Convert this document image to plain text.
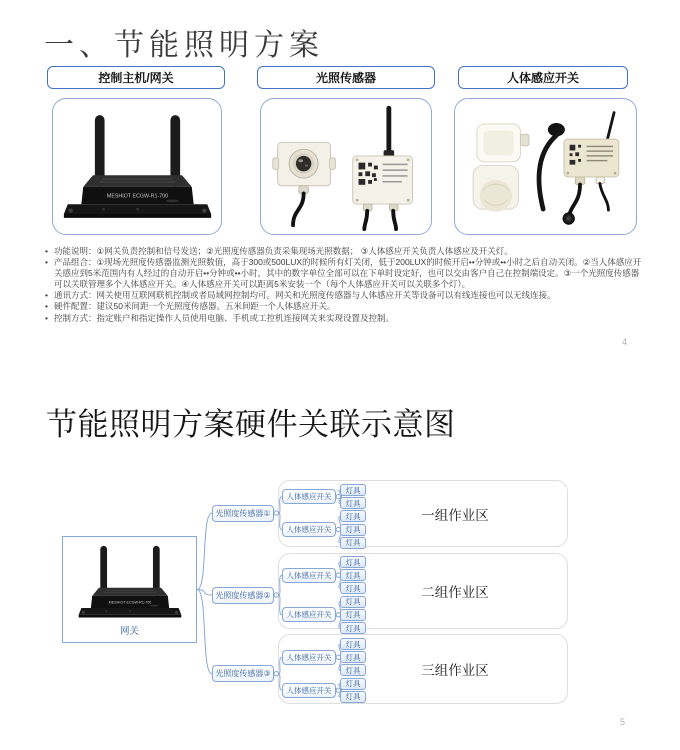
一、节能照明方案
控制主机/网关	光照传感器	人体感应开关
• 功能说明：①网关负责控制和信号发送；②光照度传感器负责采集现场光照数据； ③人体感应开关负责人体感应及开关灯。
• 产品组合：①现场光照度传感器监测光照数值，高于300或500LUX的时候所有灯关闭，低于200LUX的时候开启••分钟或••小时之后自动关闭。②当人体感应开关感应到5米范围内有人经过的自动开启••分钟或••小时，其中的数字单位全部可以在下单时设定好，也可以交由客户自己在控制端设定。③一个光照度传感器可以关联管理多个人体感应开关。④人体感应开关可以距离5米安装一个（每个人体感应开关可以关联多个灯）。
• 通讯方式：网关使用互联网联机控制或者局域网控制均可。网关和光照度传感器与人体感应开关等设备可以有线连接也可以无线连接。
• 硬件配置：建议50米间距一个光照度传感器。五米间距一个人体感应开关。
• 控制方式：指定账户和指定操作人员使用电脑、手机或工控机连接网关来实现设置及控制。
4
节能照明方案硬件关联示意图
网关
一组作业区
灯具
灯具
人体感应开关
灯具
灯具
灯具
人体感应开关
光照度传感器①
二组作业区
灯具
灯具
灯具
人体感应开关
灯具
灯具
灯具
人体感应开关
光照度传感器②
三组作业区
灯具
灯具
灯具
人体感应开关
灯具
灯具
人体感应开关
光照度传感器③
5
